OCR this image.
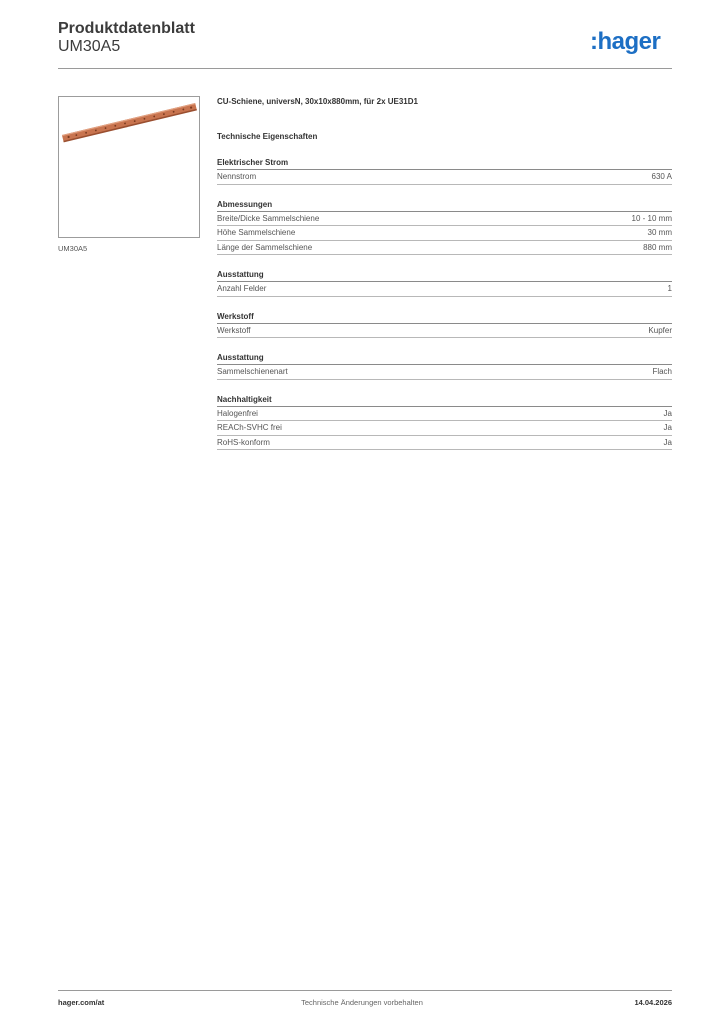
Produktdatenblatt
UM30A5	:hager
UM30A5
CU-Schiene, universN, 30x10x880mm, für 2x UE31D1
Technische Eigenschaften
Elektrischer Strom
Nennstrom	630 A
Abmessungen
Breite/Dicke Sammelschiene	10 - 10 mm
Höhe Sammelschiene	30 mm
Länge der Sammelschiene	880 mm
Ausstattung
Anzahl Felder	1
Werkstoff
Werkstoff	Kupfer
Ausstattung
Sammelschienenart	Flach
Nachhaltigkeit
Halogenfrei	Ja
REACh-SVHC frei	Ja
RoHS-konform	Ja
hager.com/at	Technische Änderungen vorbehalten	14.04.2026
